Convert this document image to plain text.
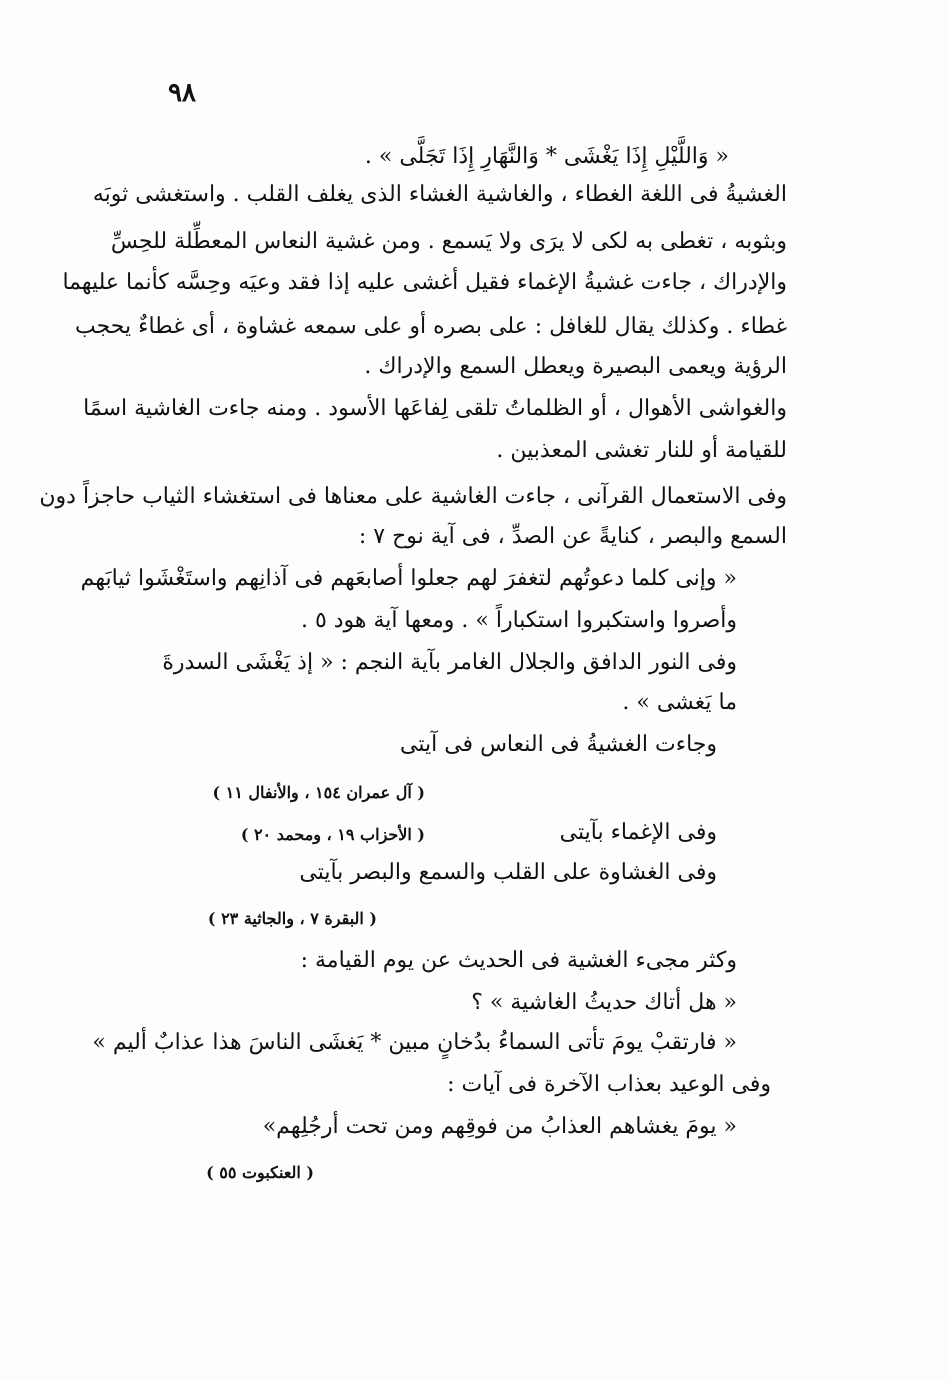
٩٨
« وَاللَّيْلِ إِذَا يَغْشَى * وَالنَّهَارِ إِذَا تَجَلَّى » .
الغشيةُ فى اللغة الغطاء ، والغاشية الغشاء الذى يغلف القلب . واستغشى ثوبَه
وبثوبه ، تغطى به لكى لا يرَى ولا يَسمع . ومن غشية النعاس المعطِّلة للحِسِّ
والإدراك ، جاءت غشيةُ الإغماء فقيل أغشى عليه إذا فقد وعيَه وحِسَّه كأنما عليهما
غطاء . وكذلك يقال للغافل : على بصره أو على سمعه غشاوة ، أى غطاءٌ يحجب
الرؤية ويعمى البصيرة ويعطل السمع والإدراك .
والغواشى الأهوال ، أو الظلماتُ تلقى لِفاعَها الأسود . ومنه جاءت الغاشية اسمًا
للقيامة أو للنار تغشى المعذبين .
وفى الاستعمال القرآنى ، جاءت الغاشية على معناها فى استغشاء الثياب حاجزاً دون
السمع والبصر ، كنايةً عن الصدِّ ، فى آية نوح ٧ :
« وإنى كلما دعوتُهم لتغفرَ لهم جعلوا أصابعَهم فى آذانِهم واستَغْشَوا ثيابَهم
وأصروا واستكبروا استكباراً » . ومعها آية هود ٥ .
وفى النور الدافق والجلال الغامر بآية النجم : « إذ يَغْشَى السدرةَ
ما يَغشى » .
وجاءت الغشيةُ فى النعاس فى آيتى
( آل عمران ١٥٤ ، والأنفال ١١ )
وفى الإغماء بآيتى
( الأحزاب ١٩ ، ومحمد ٢٠ )
وفى الغشاوة على القلب والسمع والبصر بآيتى
( البقرة ٧ ، والجاثية ٢٣ )
وكثر مجىء الغشية فى الحديث عن يوم القيامة :
« هل أتاك حديثُ الغاشية » ؟
« فارتقبْ يومَ تأتى السماءُ بدُخانٍ مبين * يَغشَى الناسَ هذا عذابٌ أليم »
وفى الوعيد بعذاب الآخرة فى آيات :
« يومَ يغشاهم العذابُ من فوقِهم ومن تحت أرجُلِهم»
( العنكبوت ٥٥ )
